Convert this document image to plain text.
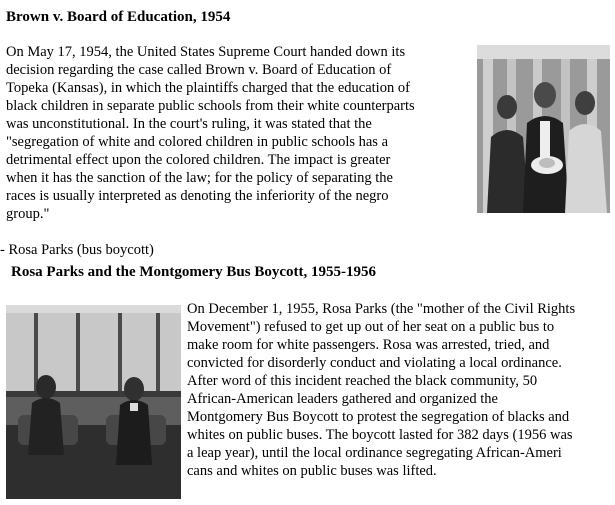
Brown v. Board of Education, 1954
On May 17, 1954, the United States Supreme Court handed down its
decision regarding the case called Brown v. Board of Education of
Topeka (Kansas), in which the plaintiffs charged that the education of
black children in separate public schools from their white counterparts
was unconstitutional. In the court's ruling, it was stated that the
"segregation of white and colored children in public schools has a
detrimental effect upon the colored children. The impact is greater
when it has the sanction of the law; for the policy of separating the
races is usually interpreted as denoting the inferiority of the negro
group."
- Rosa Parks (bus boycott)
Rosa Parks and the Montgomery Bus Boycott, 1955-1956
On December 1, 1955, Rosa Parks (the "mother of the Civil Rights
Movement") refused to get up out of her seat on a public bus to
make room for white passengers. Rosa was arrested, tried, and
convicted for disorderly conduct and violating a local ordinance.
After word of this incident reached the black community, 50
African-American leaders gathered and organized the
Montgomery Bus Boycott to protest the segregation of blacks and
whites on public buses. The boycott lasted for 382 days (1956 was
a leap year), until the local ordinance segregating African-Ameri
cans and whites on public buses was lifted.
